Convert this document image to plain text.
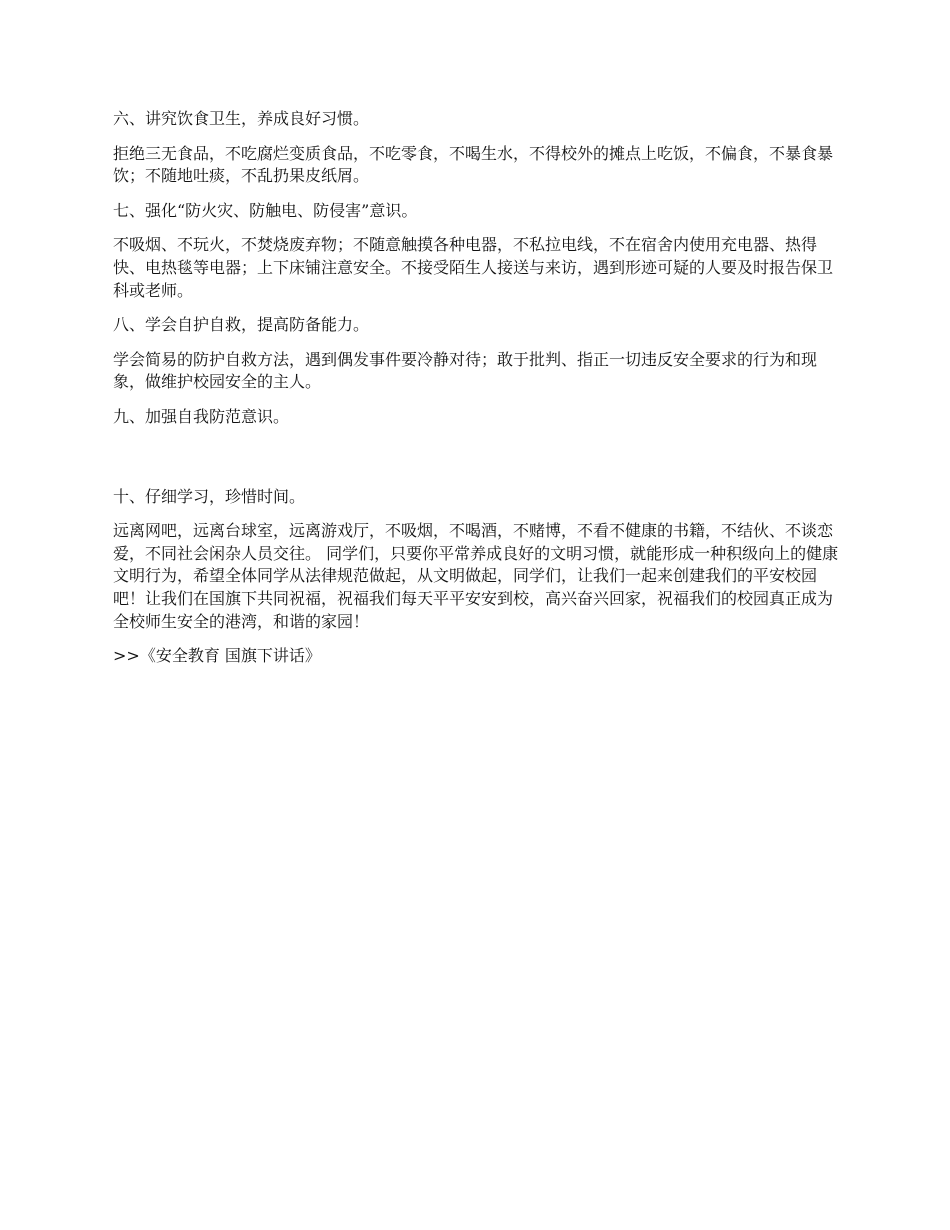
六、讲究饮食卫生，养成良好习惯。

拒绝三无食品，不吃腐烂变质食品，不吃零食，不喝生水，不得校外的摊点上吃饭，不偏食，不暴食暴饮；不随地吐痰，不乱扔果皮纸屑。

七、强化“防火灾、防触电、防侵害”意识。

不吸烟、不玩火，不焚烧废弃物；不随意触摸各种电器，不私拉电线，不在宿舍内使用充电器、热得快、电热毯等电器；上下床铺注意安全。不接受陌生人接送与来访，遇到形迹可疑的人要及时报告保卫科或老师。

八、学会自护自救，提高防备能力。

学会简易的防护自救方法，遇到偶发事件要冷静对待；敢于批判、指正一切违反安全要求的行为和现象，做维护校园安全的主人。

九、加强自我防范意识。

十、仔细学习，珍惜时间。

远离网吧，远离台球室，远离游戏厅，不吸烟，不喝酒，不赌博，不看不健康的书籍，不结伙、不谈恋爱，不同社会闲杂人员交往。 同学们，只要你平常养成良好的文明习惯，就能形成一种积级向上的健康文明行为，希望全体同学从法律规范做起，从文明做起，同学们，让我们一起来创建我们的平安校园吧！让我们在国旗下共同祝福，祝福我们每天平平安安到校，高兴奋兴回家，祝福我们的校园真正成为全校师生安全的港湾，和谐的家园！

>>《安全教育 国旗下讲话》
